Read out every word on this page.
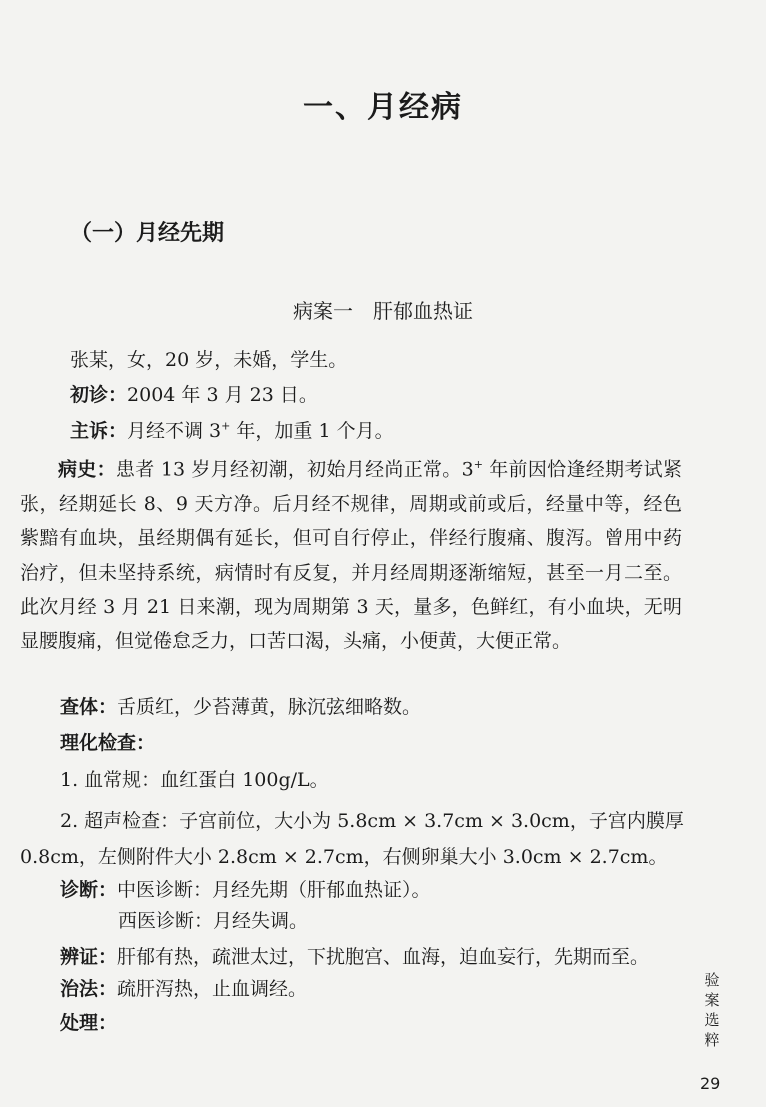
一、月经病
（一）月经先期
病案一　肝郁血热证
张某，女，20 岁，未婚，学生。
初诊：2004 年 3 月 23 日。
主诉：月经不调 3+ 年，加重 1 个月。
病史：患者 13 岁月经初潮，初始月经尚正常。3+ 年前因恰逢经期考试紧张，经期延长 8、9 天方净。后月经不规律，周期或前或后，经量中等，经色紫黯有血块，虽经期偶有延长，但可自行停止，伴经行腹痛、腹泻。曾用中药治疗，但未坚持系统，病情时有反复，并月经周期逐渐缩短，甚至一月二至。此次月经 3 月 21 日来潮，现为周期第 3 天，量多，色鲜红，有小血块，无明显腰腹痛，但觉倦怠乏力，口苦口渴，头痛，小便黄，大便正常。
查体：舌质红，少苔薄黄，脉沉弦细略数。
理化检查：
1. 血常规：血红蛋白 100g/L。
2. 超声检查：子宫前位，大小为 5.8cm × 3.7cm × 3.0cm，子宫内膜厚
0.8cm，左侧附件大小 2.8cm × 2.7cm，右侧卵巢大小 3.0cm × 2.7cm。
诊断：中医诊断：月经先期（肝郁血热证）。
西医诊断：月经失调。
辨证：肝郁有热，疏泄太过，下扰胞宫、血海，迫血妄行，先期而至。
治法：疏肝泻热，止血调经。
处理：
验案选粹
29
